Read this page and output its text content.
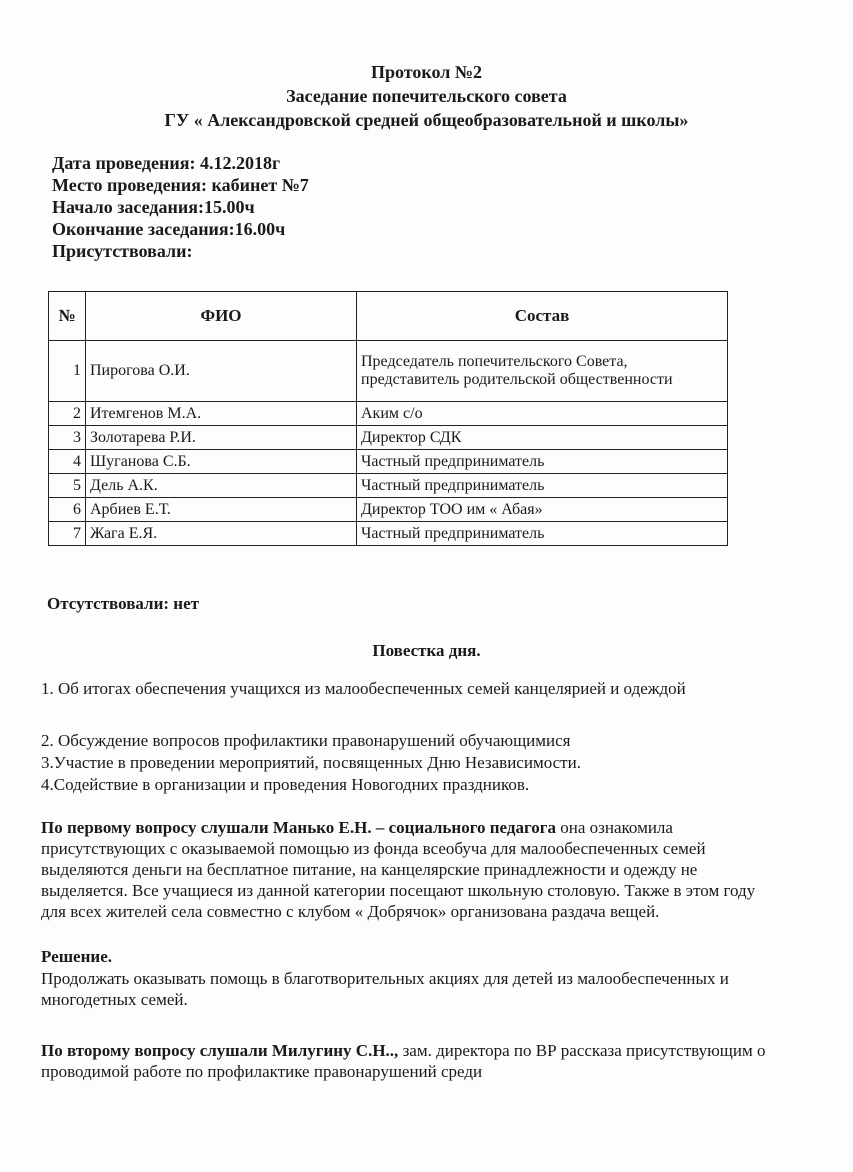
Протокол №2
Заседание попечительского совета
ГУ « Александровской средней общеобразовательной и школы»
Дата проведения: 4.12.2018г
Место проведения: кабинет №7
Начало заседания:15.00ч
Окончание заседания:16.00ч
Присутствовали:
№	ФИО	Состав
1	Пирогова О.И.	Председатель попечительского Совета, представитель родительской общественности
2	Итемгенов М.А.	Аким с/о
3	Золотарева Р.И.	Директор СДК
4	Шуганова С.Б.	Частный предприниматель
5	Дель А.К.	Частный предприниматель
6	Арбиев Е.Т.	Директор ТОО им « Абая»
7	Жага Е.Я.	Частный предприниматель
Отсутствовали: нет
Повестка дня.
1. Об итогах обеспечения учащихся из малообеспеченных семей канцелярией и одеждой
2. Обсуждение вопросов профилактики правонарушений обучающимися
3.Участие в проведении мероприятий, посвященных Дню Независимости.
4.Содействие в организации и проведения Новогодних праздников.
По первому вопросу слушали Манько Е.Н. – социального педагога она ознакомила присутствующих с оказываемой помощью из фонда всеобуча для малообеспеченных семей выделяются деньги на бесплатное питание, на канцелярские принадлежности и одежду не выделяется. Все учащиеся из данной категории посещают школьную столовую. Также в этом году для всех жителей села совместно с клубом « Добрячок» организована раздача вещей.
Решение.
Продолжать оказывать помощь в благотворительных акциях для детей из малообеспеченных и многодетных семей.
По второму вопросу слушали Милугину С.Н.., зам. директора по ВР рассказа присутствующим о проводимой работе по профилактике правонарушений среди
